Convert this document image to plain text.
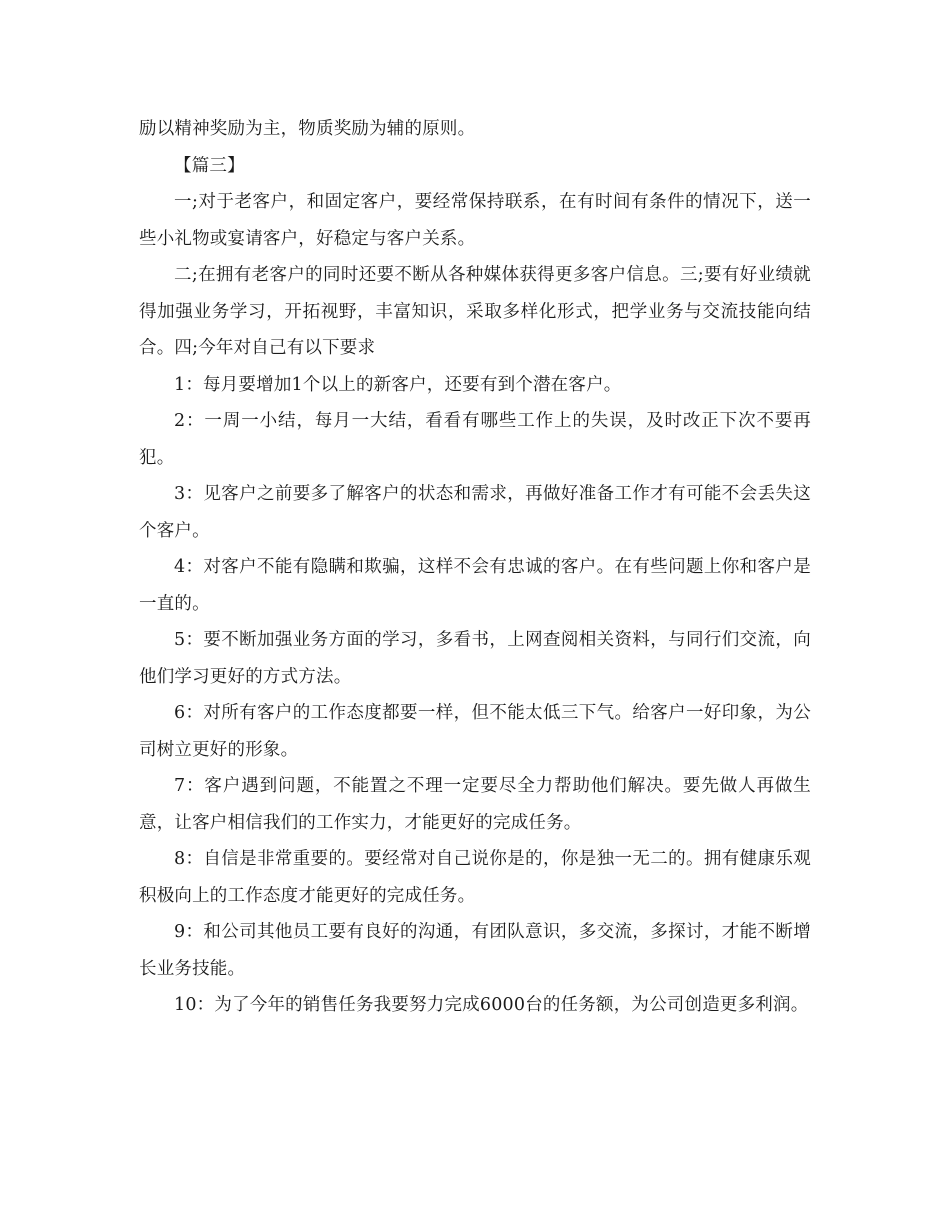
励以精神奖励为主，物质奖励为辅的原则。

【篇三】

一;对于老客户，和固定客户，要经常保持联系，在有时间有条件的情况下，送一些小礼物或宴请客户，好稳定与客户关系。

二;在拥有老客户的同时还要不断从各种媒体获得更多客户信息。三;要有好业绩就得加强业务学习，开拓视野，丰富知识，采取多样化形式，把学业务与交流技能向结合。四;今年对自己有以下要求

1：每月要增加1个以上的新客户，还要有到个潜在客户。

2：一周一小结，每月一大结，看看有哪些工作上的失误，及时改正下次不要再犯。

3：见客户之前要多了解客户的状态和需求，再做好准备工作才有可能不会丢失这个客户。

4：对客户不能有隐瞒和欺骗，这样不会有忠诚的客户。在有些问题上你和客户是一直的。

5：要不断加强业务方面的学习，多看书，上网查阅相关资料，与同行们交流，向他们学习更好的方式方法。

6：对所有客户的工作态度都要一样，但不能太低三下气。给客户一好印象，为公司树立更好的形象。

7：客户遇到问题，不能置之不理一定要尽全力帮助他们解决。要先做人再做生意，让客户相信我们的工作实力，才能更好的完成任务。

8：自信是非常重要的。要经常对自己说你是的，你是独一无二的。拥有健康乐观积极向上的工作态度才能更好的完成任务。

9：和公司其他员工要有良好的沟通，有团队意识，多交流，多探讨，才能不断增长业务技能。

10：为了今年的销售任务我要努力完成6000台的任务额，为公司创造更多利润。
